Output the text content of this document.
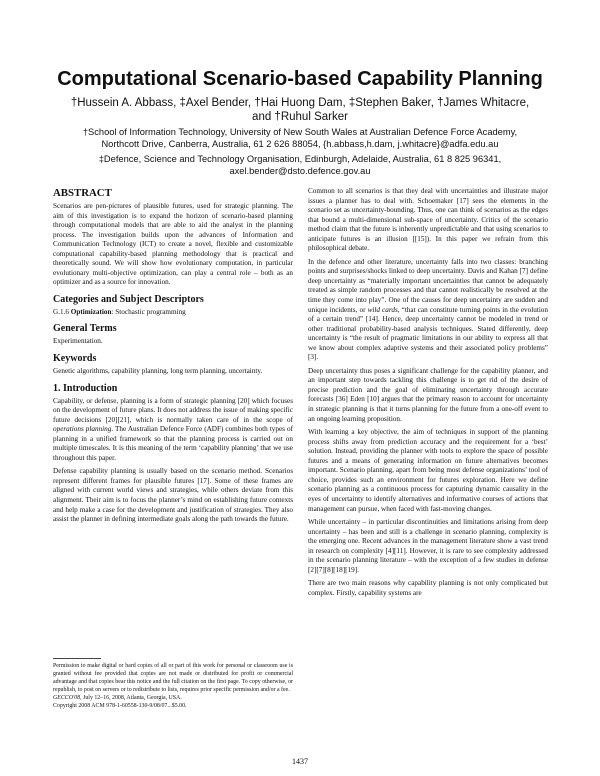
Computational Scenario-based Capability Planning
†Hussein A. Abbass, ‡Axel Bender, †Hai Huong Dam, ‡Stephen Baker, †James Whitacre,
and †Ruhul Sarker
†School of Information Technology, University of New South Wales at Australian Defence Force Academy,
Northcott Drive, Canberra, Australia, 61 2 626 88054, {h.abbass,h.dam, j.whitacre}@adfa.edu.au
‡Defence, Science and Technology Organisation, Edinburgh, Adelaide, Australia, 61 8 825 96341,
axel.bender@dsto.defence.gov.au
ABSTRACT

Scenarios are pen-pictures of plausible futures, used for strategic planning. The aim of this investigation is to expand the horizon of scenario-based planning through computational models that are able to aid the analyst in the planning process. The investigation builds upon the advances of Information and Communication Technology (ICT) to create a novel, flexible and customizable computational capability-based planning methodology that is practical and theoretically sound. We will show how evolutionary computation, in particular evolutionary multi-objective optimization, can play a central role – both as an optimizer and as a source for innovation.

Categories and Subject Descriptors

G.1.6 Optimization: Stochastic programming

General Terms

Experimentation.

Keywords

Genetic algorithms, capability planning, long term planning, uncertainty.

1. Introduction

Capability, or defense, planning is a form of strategic planning [20] which focuses on the development of future plans. It does not address the issue of making specific future decisions [20][21], which is normally taken care of in the scope of operations planning. The Australian Defence Force (ADF) combines both types of planning in a unified framework so that the planning process is carried out on multiple timescales. It is this meaning of the term ‘capability planning’ that we use throughout this paper.

Defense capability planning is usually based on the scenario method. Scenarios represent different frames for plausible futures [17]. Some of these frames are aligned with current world views and strategies, while others deviate from this alignment. Their aim is to focus the planner’s mind on establishing future contexts and help make a case for the development and justification of strategies. They also assist the planner in defining intermediate goals along the path towards the future.

Permission to make digital or hard copies of all or part of this work for personal or classroom use is granted without fee provided that copies are not made or distributed for profit or commercial advantage and that copies bear this notice and the full citation on the first page. To copy otherwise, or republish, to post on servers or to redistribute to lists, requires prior specific permission and/or a fee.
GECCO'08, July 12–16, 2008, Atlanta, Georgia, USA.
Copyright 2008 ACM 978-1-60558-130-9/08/07...$5.00.

Common to all scenarios is that they deal with uncertainties and illustrate major issues a planner has to deal with. Schoemaker [17] sees the elements in the scenario set as uncertainty-bounding. Thus, one can think of scenarios as the edges that bound a multi-dimensional sub-space of uncertainty. Critics of the scenario method claim that the future is inherently unpredictable and that using scenarios to anticipate futures is an illusion [[15]). In this paper we refrain from this philosophical debate.

In the defence and other literature, uncertainty falls into two classes: branching points and surprises/shocks linked to deep uncertainty. Davis and Kahan [7] define deep uncertainty as “materially important uncertainties that cannot be adequately treated as simple random processes and that cannot realistically be resolved at the time they come into play”. One of the causes for deep uncertainty are sudden and unique incidents, or wild cards, “that can constitute turning points in the evolution of a certain trend” [14]. Hence, deep uncertainty cannot be modeled in trend or other traditional probability-based analysis techniques. Stated differently, deep uncertainty is “the result of pragmatic limitations in our ability to express all that we know about complex adaptive systems and their associated policy problems” [3].

Deep uncertainty thus poses a significant challenge for the capability planner, and an important step towards tackling this challenge is to get rid of the desire of precise prediction and the goal of eliminating uncertainty through accurate forecasts [36] Eden [10] argues that the primary reason to account for uncertainty in strategic planning is that it turns planning for the future from a one-off event to an ongoing learning proposition.

With learning a key objective, the aim of techniques in support of the planning process shifts away from prediction accuracy and the requirement for a ‘best’ solution. Instead, providing the planner with tools to explore the space of possible futures and a means of generating information on future alternatives becomes important. Scenario planning, apart from being most defense organizations’ tool of choice, provides such an environment for futures exploration. Here we define scenario planning as a continuous process for capturing dynamic causality in the eyes of uncertainty to identify alternatives and informative courses of actions that management can pursue, when faced with fast-moving changes.

While uncertainty – in particular discontinuities and limitations arising from deep uncertainty – has been and still is a challenge in scenario planning, complexity is the emerging one. Recent advances in the management literature show a vast trend in research on complexity [4][11]. However, it is rare to see complexity addressed in the scenario planning literature – with the exception of a few studies in defense [2][7][8][18][19].

There are two main reasons why capability planning is not only complicated but complex. Firstly, capability systems are

1437
